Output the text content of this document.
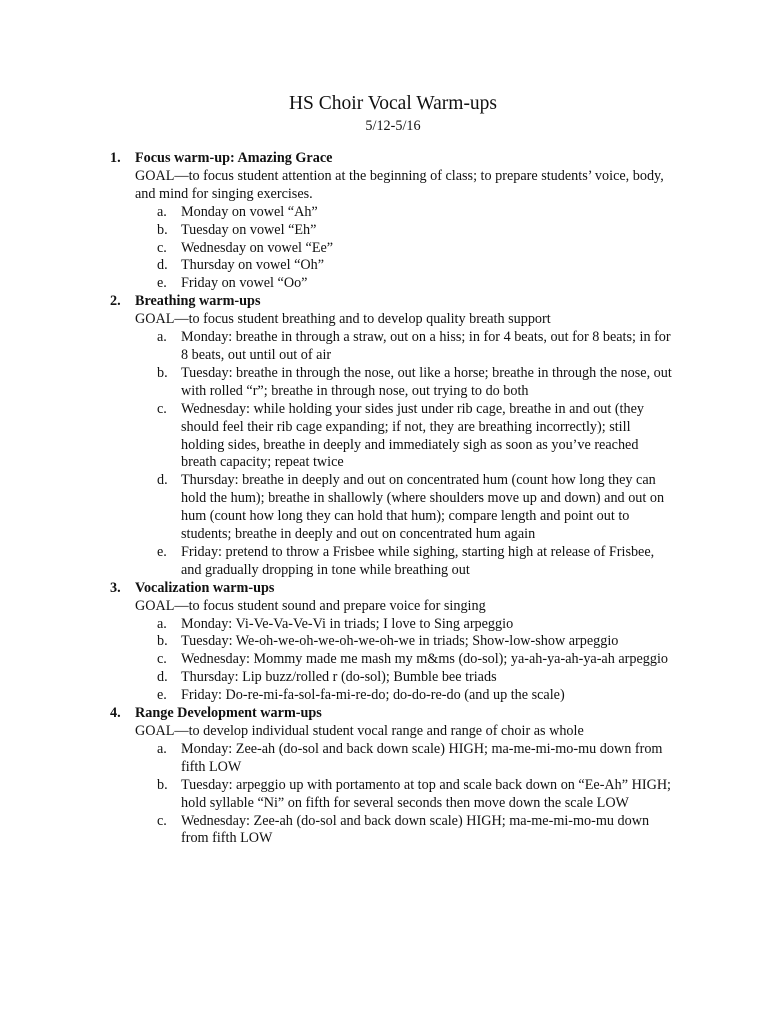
HS Choir Vocal Warm-ups
5/12-5/16
1. Focus warm-up: Amazing Grace
GOAL—to focus student attention at the beginning of class; to prepare students’ voice, body, and mind for singing exercises.
a. Monday on vowel “Ah”
b. Tuesday on vowel “Eh”
c. Wednesday on vowel “Ee”
d. Thursday on vowel “Oh”
e. Friday on vowel “Oo”
2. Breathing warm-ups
GOAL—to focus student breathing and to develop quality breath support
a. Monday: breathe in through a straw, out on a hiss; in for 4 beats, out for 8 beats; in for 8 beats, out until out of air
b. Tuesday: breathe in through the nose, out like a horse; breathe in through the nose, out with rolled “r”; breathe in through nose, out trying to do both
c. Wednesday: while holding your sides just under rib cage, breathe in and out (they should feel their rib cage expanding; if not, they are breathing incorrectly); still holding sides, breathe in deeply and immediately sigh as soon as you’ve reached breath capacity; repeat twice
d. Thursday: breathe in deeply and out on concentrated hum (count how long they can hold the hum); breathe in shallowly (where shoulders move up and down) and out on hum (count how long they can hold that hum); compare length and point out to students; breathe in deeply and out on concentrated hum again
e. Friday: pretend to throw a Frisbee while sighing, starting high at release of Frisbee, and gradually dropping in tone while breathing out
3. Vocalization warm-ups
GOAL—to focus student sound and prepare voice for singing
a. Monday: Vi-Ve-Va-Ve-Vi in triads; I love to Sing arpeggio
b. Tuesday: We-oh-we-oh-we-oh-we-oh-we in triads; Show-low-show arpeggio
c. Wednesday: Mommy made me mash my m&ms (do-sol); ya-ah-ya-ah-ya-ah arpeggio
d. Thursday: Lip buzz/rolled r (do-sol); Bumble bee triads
e. Friday: Do-re-mi-fa-sol-fa-mi-re-do; do-do-re-do (and up the scale)
4. Range Development warm-ups
GOAL—to develop individual student vocal range and range of choir as whole
a. Monday: Zee-ah (do-sol and back down scale) HIGH; ma-me-mi-mo-mu down from fifth LOW
b. Tuesday: arpeggio up with portamento at top and scale back down on “Ee-Ah” HIGH; hold syllable “Ni” on fifth for several seconds then move down the scale LOW
c. Wednesday: Zee-ah (do-sol and back down scale) HIGH; ma-me-mi-mo-mu down from fifth LOW
